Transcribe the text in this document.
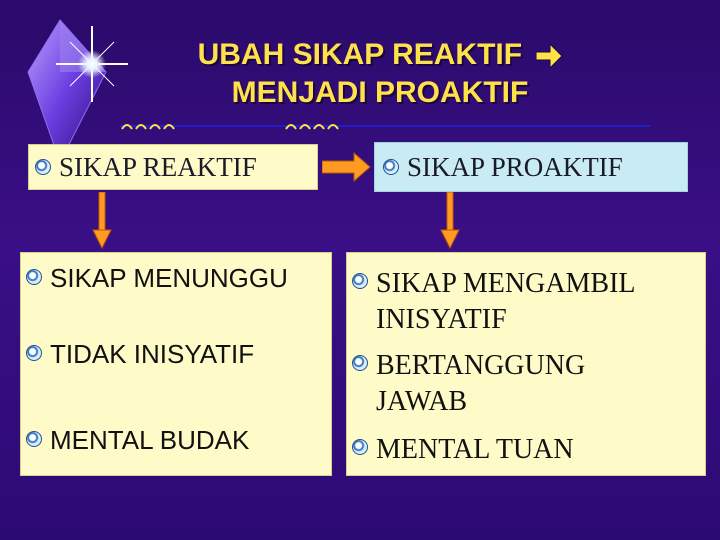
UBAH SIKAP REAKTIF
MENJADI PROAKTIF
SIKAP REAKTIF	SIKAP PROAKTIF
SIKAP MENUNGGU
TIDAK INISYATIF
MENTAL BUDAK
SIKAP MENGAMBIL INISYATIF
BERTANGGUNG JAWAB
MENTAL TUAN
